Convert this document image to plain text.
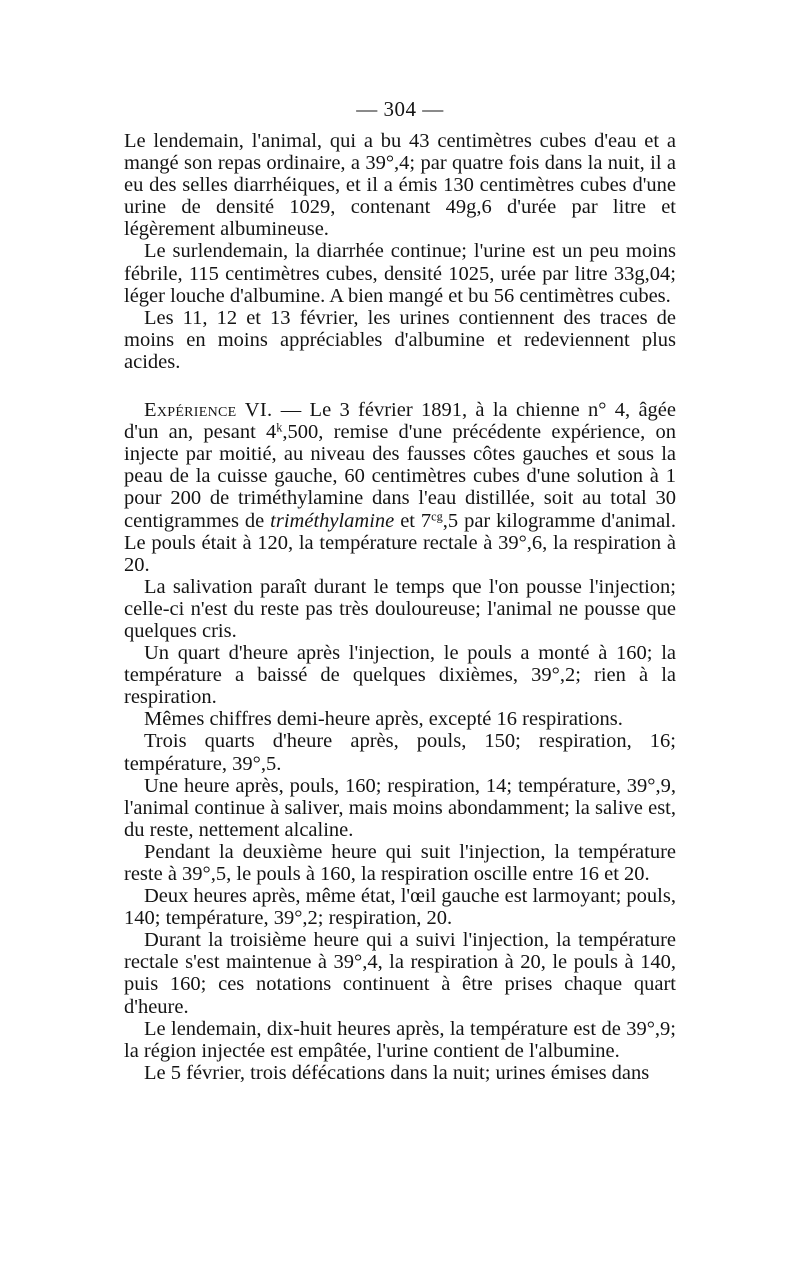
— 304 —

Le lendemain, l'animal, qui a bu 43 centimètres cubes d'eau et a mangé son repas ordinaire, a 39°,4; par quatre fois dans la nuit, il a eu des selles diarrhéiques, et il a émis 130 centimètres cubes d'une urine de densité 1029, contenant 49g,6 d'urée par litre et légèrement albumineuse.

Le surlendemain, la diarrhée continue; l'urine est un peu moins fébrile, 115 centimètres cubes, densité 1025, urée par litre 33g,04; léger louche d'albumine. A bien mangé et bu 56 centimètres cubes.

Les 11, 12 et 13 février, les urines contiennent des traces de moins en moins appréciables d'albumine et redeviennent plus acides.

Expérience VI. — Le 3 février 1891, à la chienne n° 4, âgée d'un an, pesant 4$^k$,500, remise d'une précédente expérience, on injecte par moitié, au niveau des fausses côtes gauches et sous la peau de la cuisse gauche, 60 centimètres cubes d'une solution à 1 pour 200 de triméthylamine dans l'eau distillée, soit au total 30 centigrammes de triméthylamine et $7^{cg},5$ par kilogramme d'animal. Le pouls était à 120, la température rectale à 39°,6, la respiration à 20.

La salivation paraît durant le temps que l'on pousse l'injection; celle-ci n'est du reste pas très douloureuse; l'animal ne pousse que quelques cris.

Un quart d'heure après l'injection, le pouls a monté à 160; la température a baissé de quelques dixièmes, 39°,2; rien à la respiration.

Mêmes chiffres demi-heure après, excepté 16 respirations.

Trois quarts d'heure après, pouls, 150; respiration, 16; température, 39°,5.

Une heure après, pouls, 160; respiration, 14; température, 39°,9, l'animal continue à saliver, mais moins abondamment; la salive est, du reste, nettement alcaline.

Pendant la deuxième heure qui suit l'injection, la température reste à 39°,5, le pouls à 160, la respiration oscille entre 16 et 20.

Deux heures après, même état, l'œil gauche est larmoyant; pouls, 140; température, 39°,2; respiration, 20.

Durant la troisième heure qui a suivi l'injection, la température rectale s'est maintenue à 39°,4, la respiration à 20, le pouls à 140, puis 160; ces notations continuent à être prises chaque quart d'heure.

Le lendemain, dix-huit heures après, la température est de 39°,9; la région injectée est empâtée, l'urine contient de l'albumine.

Le 5 février, trois défécations dans la nuit; urines émises dans
